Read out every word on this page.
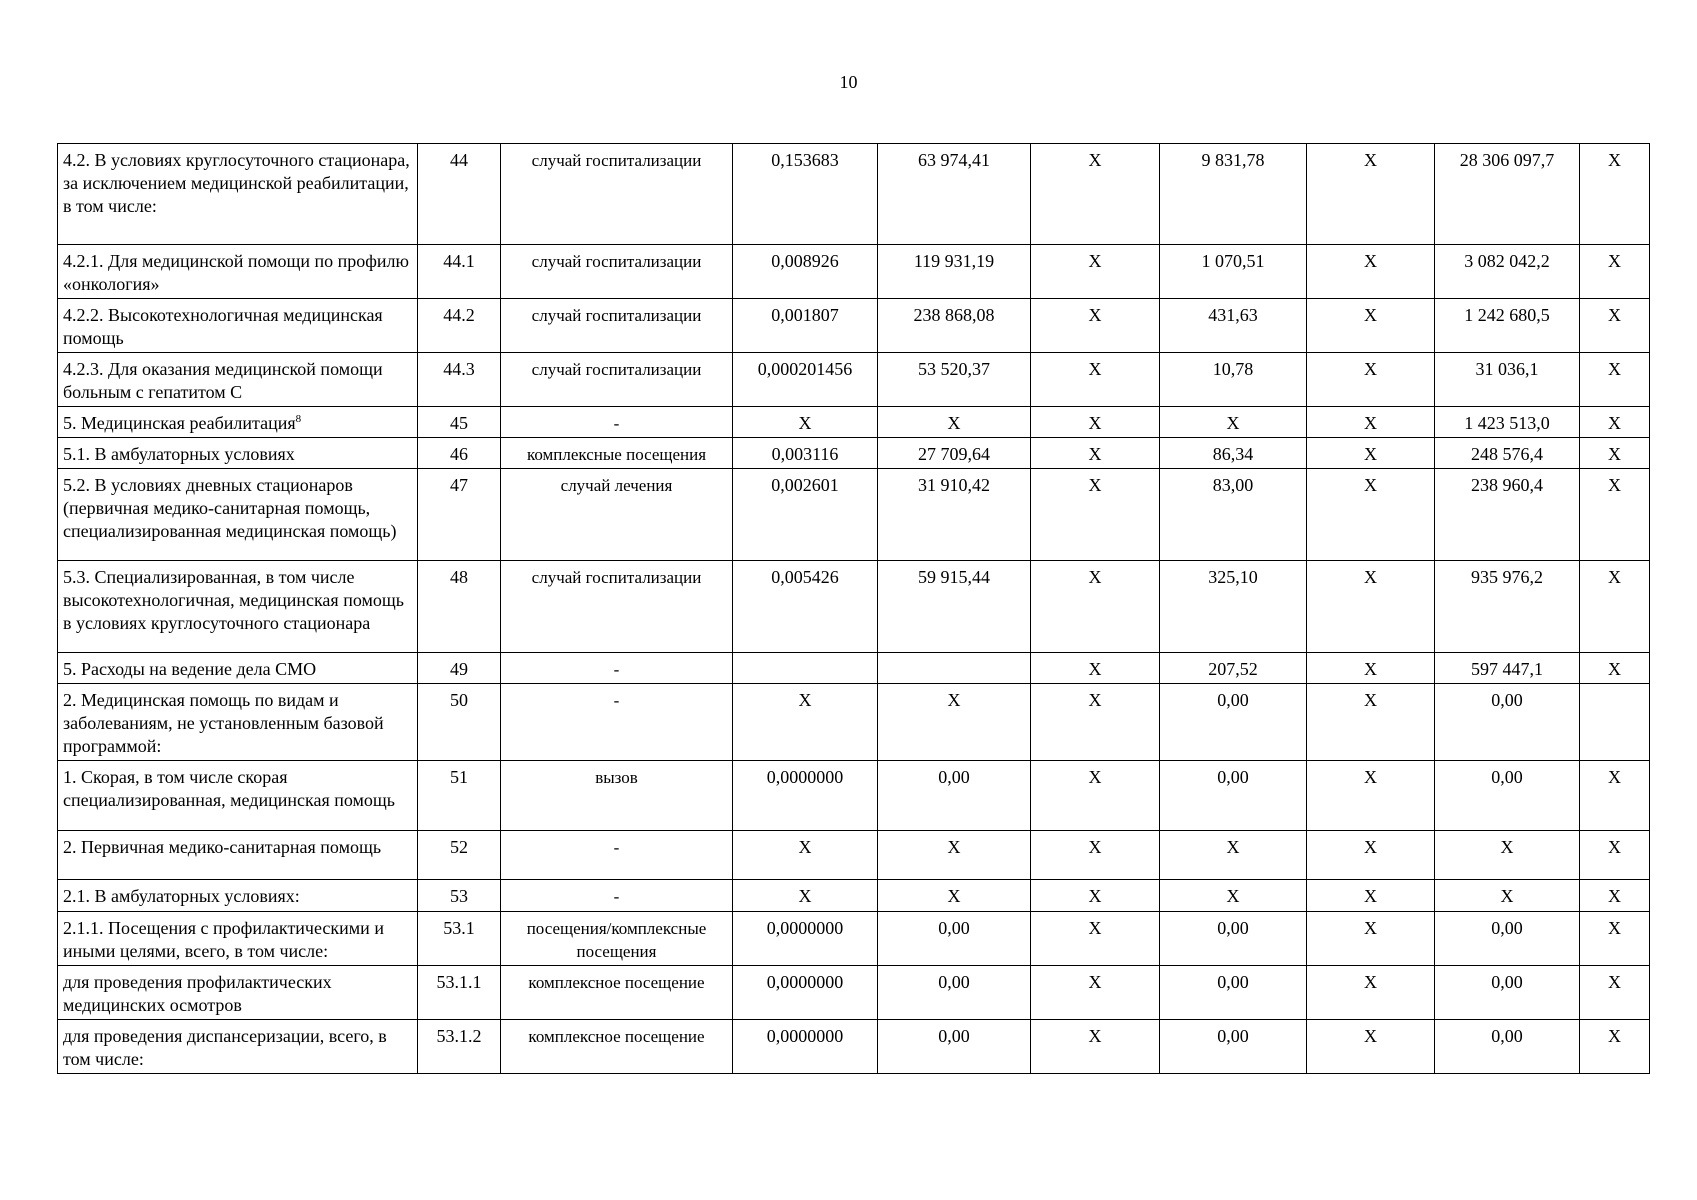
10
4.2. В условиях круглосуточного стационара, за исключением медицинской реабилитации, в том числе:	44	случай госпитализации	0,153683	63 974,41	X	9 831,78	X	28 306 097,7	X
4.2.1. Для медицинской помощи по профилю «онкология»	44.1	случай госпитализации	0,008926	119 931,19	X	1 070,51	X	3 082 042,2	X
4.2.2. Высокотехнологичная медицинская помощь	44.2	случай госпитализации	0,001807	238 868,08	X	431,63	X	1 242 680,5	X
4.2.3. Для оказания медицинской помощи больным с гепатитом С	44.3	случай госпитализации	0,000201456	53 520,37	X	10,78	X	31 036,1	X
5. Медицинская реабилитация$^8$	45	-	X	X	X	X	X	1 423 513,0	X
5.1. В амбулаторных условиях	46	комплексные посещения	0,003116	27 709,64	X	86,34	X	248 576,4	X
5.2. В условиях дневных стационаров (первичная медико-санитарная помощь, специализированная медицинская помощь)	47	случай лечения	0,002601	31 910,42	X	83,00	X	238 960,4	X
5.3. Специализированная, в том числе высокотехнологичная, медицинская помощь в условиях круглосуточного стационара	48	случай госпитализации	0,005426	59 915,44	X	325,10	X	935 976,2	X
5. Расходы на ведение дела СМО	49	-			X	207,52	X	597 447,1	X
2. Медицинская помощь по видам и заболеваниям, не установленным базовой программой:	50	-	X	X	X	0,00	X	0,00	
1. Скорая, в том числе скорая специализированная, медицинская помощь	51	вызов	0,0000000	0,00	X	0,00	X	0,00	X
2. Первичная медико-санитарная помощь	52	-	X	X	X	X	X	X	X
2.1. В амбулаторных условиях:	53	-	X	X	X	X	X	X	X
2.1.1. Посещения с профилактическими и иными целями, всего, в том числе:	53.1	посещения/комплексные посещения	0,0000000	0,00	X	0,00	X	0,00	X
для проведения профилактических медицинских осмотров	53.1.1	комплексное посещение	0,0000000	0,00	X	0,00	X	0,00	X
для проведения диспансеризации, всего, в том числе:	53.1.2	комплексное посещение	0,0000000	0,00	X	0,00	X	0,00	X
